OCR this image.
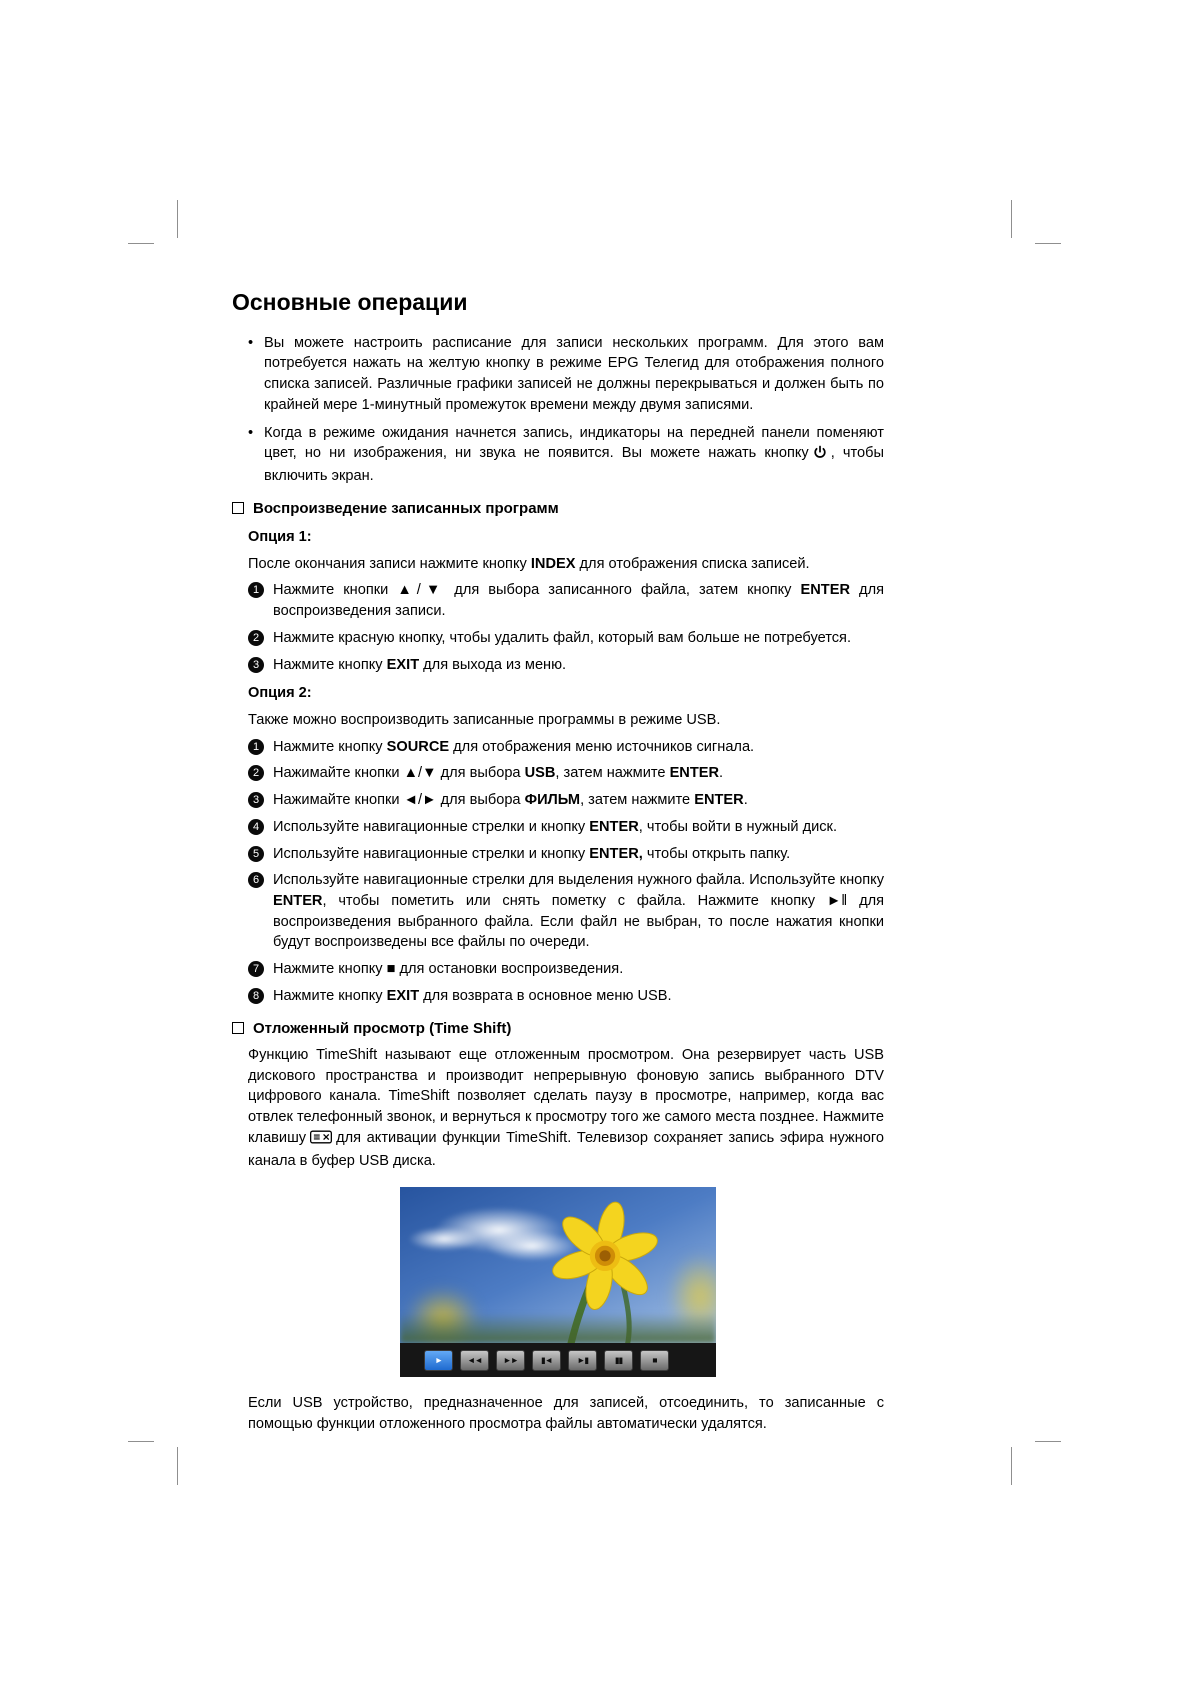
Основные операции
• Вы можете настроить расписание для записи нескольких программ. Для этого вам потребуется нажать на желтую кнопку в режиме EPG Телегид для отображения полного списка записей. Различные графики записей не должны перекрываться и должен быть по крайней мере 1-минутный промежуток времени между двумя записями.

• Когда в режиме ожидания начнется запись, индикаторы на передней панели поменяют цвет, но ни изображения, ни звука не появится. Вы можете нажать кнопку , чтобы включить экран.

Воспроизведение записанных программ

Опция 1:

После окончания записи нажмите кнопку INDEX для отображения списка записей.

1 Нажмите кнопки ▲/▼ для выбора записанного файла, затем кнопку ENTER для воспроизведения записи.

2 Нажмите красную кнопку, чтобы удалить файл, который вам больше не потребуется.

3 Нажмите кнопку EXIT для выхода из меню.

Опция 2:

Также можно воспроизводить записанные программы в режиме USB.

1 Нажмите кнопку SOURCE для отображения меню источников сигнала.

2 Нажимайте кнопки ▲/▼ для выбора USB, затем нажмите ENTER.

3 Нажимайте кнопки ◄/► для выбора ФИЛЬМ, затем нажмите ENTER.

4 Используйте навигационные стрелки и кнопку ENTER, чтобы войти в нужный диск.

5 Используйте навигационные стрелки и кнопку ENTER, чтобы открыть папку.

6 Используйте навигационные стрелки для выделения нужного файла. Используйте кнопку ENTER, чтобы пометить или снять пометку с файла. Нажмите кнопку ►‖ для воспроизведения выбранного файла. Если файл не выбран, то после нажатия кнопки будут воспроизведены все файлы по очереди.

7 Нажмите кнопку ■ для остановки воспроизведения.

8 Нажмите кнопку EXIT для возврата в основное меню USB.

Отложенный просмотр (Time Shift)

Функцию TimeShift называют еще отложенным просмотром. Она резервирует часть USB дискового пространства и производит непрерывную фоновую запись выбранного DTV цифрового канала. TimeShift позволяет сделать паузу в просмотре, например, когда вас отвлек телефонный звонок, и вернуться к просмотру того же самого места позднее. Нажмите клавишу для активации функции TimeShift. Телевизор сохраняет запись эфира нужного канала в буфер USB диска.

►	◄◄ ►►	▮◄	►▮	▮▮	■

Если USB устройство, предназначенное для записей, отсоединить, то записанные с помощью функции отложенного просмотра файлы автоматически удалятся.
